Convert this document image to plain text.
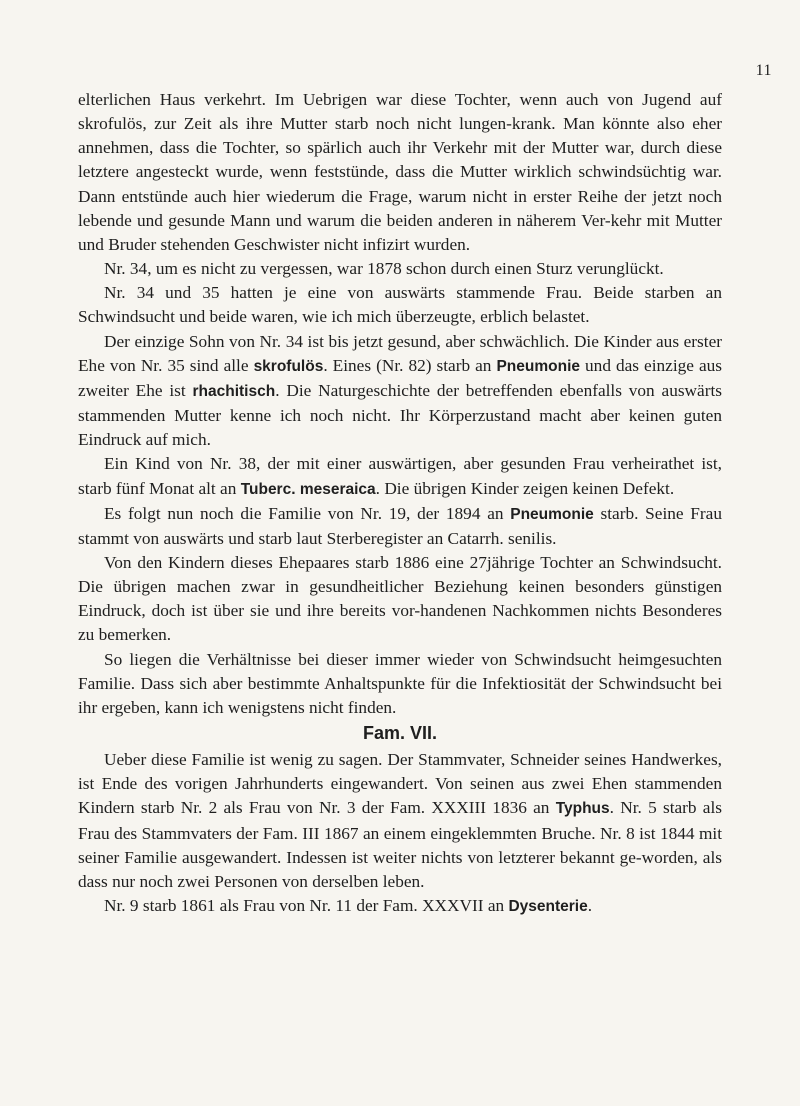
11

elterlichen Haus verkehrt. Im Uebrigen war diese Tochter, wenn auch von Jugend auf skrofulös, zur Zeit als ihre Mutter starb noch nicht lungen-krank. Man könnte also eher annehmen, dass die Tochter, so spärlich auch ihr Verkehr mit der Mutter war, durch diese letztere angesteckt wurde, wenn feststünde, dass die Mutter wirklich schwindsüchtig war. Dann entstünde auch hier wiederum die Frage, warum nicht in erster Reihe der jetzt noch lebende und gesunde Mann und warum die beiden anderen in näherem Ver-kehr mit Mutter und Bruder stehenden Geschwister nicht infizirt wurden.

Nr. 34, um es nicht zu vergessen, war 1878 schon durch einen Sturz verunglückt.

Nr. 34 und 35 hatten je eine von auswärts stammende Frau. Beide starben an Schwindsucht und beide waren, wie ich mich überzeugte, erblich belastet.

Der einzige Sohn von Nr. 34 ist bis jetzt gesund, aber schwächlich. Die Kinder aus erster Ehe von Nr. 35 sind alle skrofulös. Eines (Nr. 82) starb an Pneumonie und das einzige aus zweiter Ehe ist rhachitisch. Die Naturgeschichte der betreffenden ebenfalls von auswärts stammenden Mutter kenne ich noch nicht. Ihr Körperzustand macht aber keinen guten Eindruck auf mich.

Ein Kind von Nr. 38, der mit einer auswärtigen, aber gesunden Frau verheirathet ist, starb fünf Monat alt an Tuberc. meseraica. Die übrigen Kinder zeigen keinen Defekt.

Es folgt nun noch die Familie von Nr. 19, der 1894 an Pneumonie starb. Seine Frau stammt von auswärts und starb laut Sterberegister an Catarrh. senilis.

Von den Kindern dieses Ehepaares starb 1886 eine 27jährige Tochter an Schwindsucht. Die übrigen machen zwar in gesundheitlicher Beziehung keinen besonders günstigen Eindruck, doch ist über sie und ihre bereits vor-handenen Nachkommen nichts Besonderes zu bemerken.

So liegen die Verhältnisse bei dieser immer wieder von Schwindsucht heimgesuchten Familie. Dass sich aber bestimmte Anhaltspunkte für die Infektiosität der Schwindsucht bei ihr ergeben, kann ich wenigstens nicht finden.

Fam. VII.

Ueber diese Familie ist wenig zu sagen. Der Stammvater, Schneider seines Handwerkes, ist Ende des vorigen Jahrhunderts eingewandert. Von seinen aus zwei Ehen stammenden Kindern starb Nr. 2 als Frau von Nr. 3 der Fam. XXXIII 1836 an Typhus. Nr. 5 starb als Frau des Stammvaters der Fam. III 1867 an einem eingeklemmten Bruche. Nr. 8 ist 1844 mit seiner Familie ausgewandert. Indessen ist weiter nichts von letzterer bekannt ge-worden, als dass nur noch zwei Personen von derselben leben.

Nr. 9 starb 1861 als Frau von Nr. 11 der Fam. XXXVII an Dysenterie.
